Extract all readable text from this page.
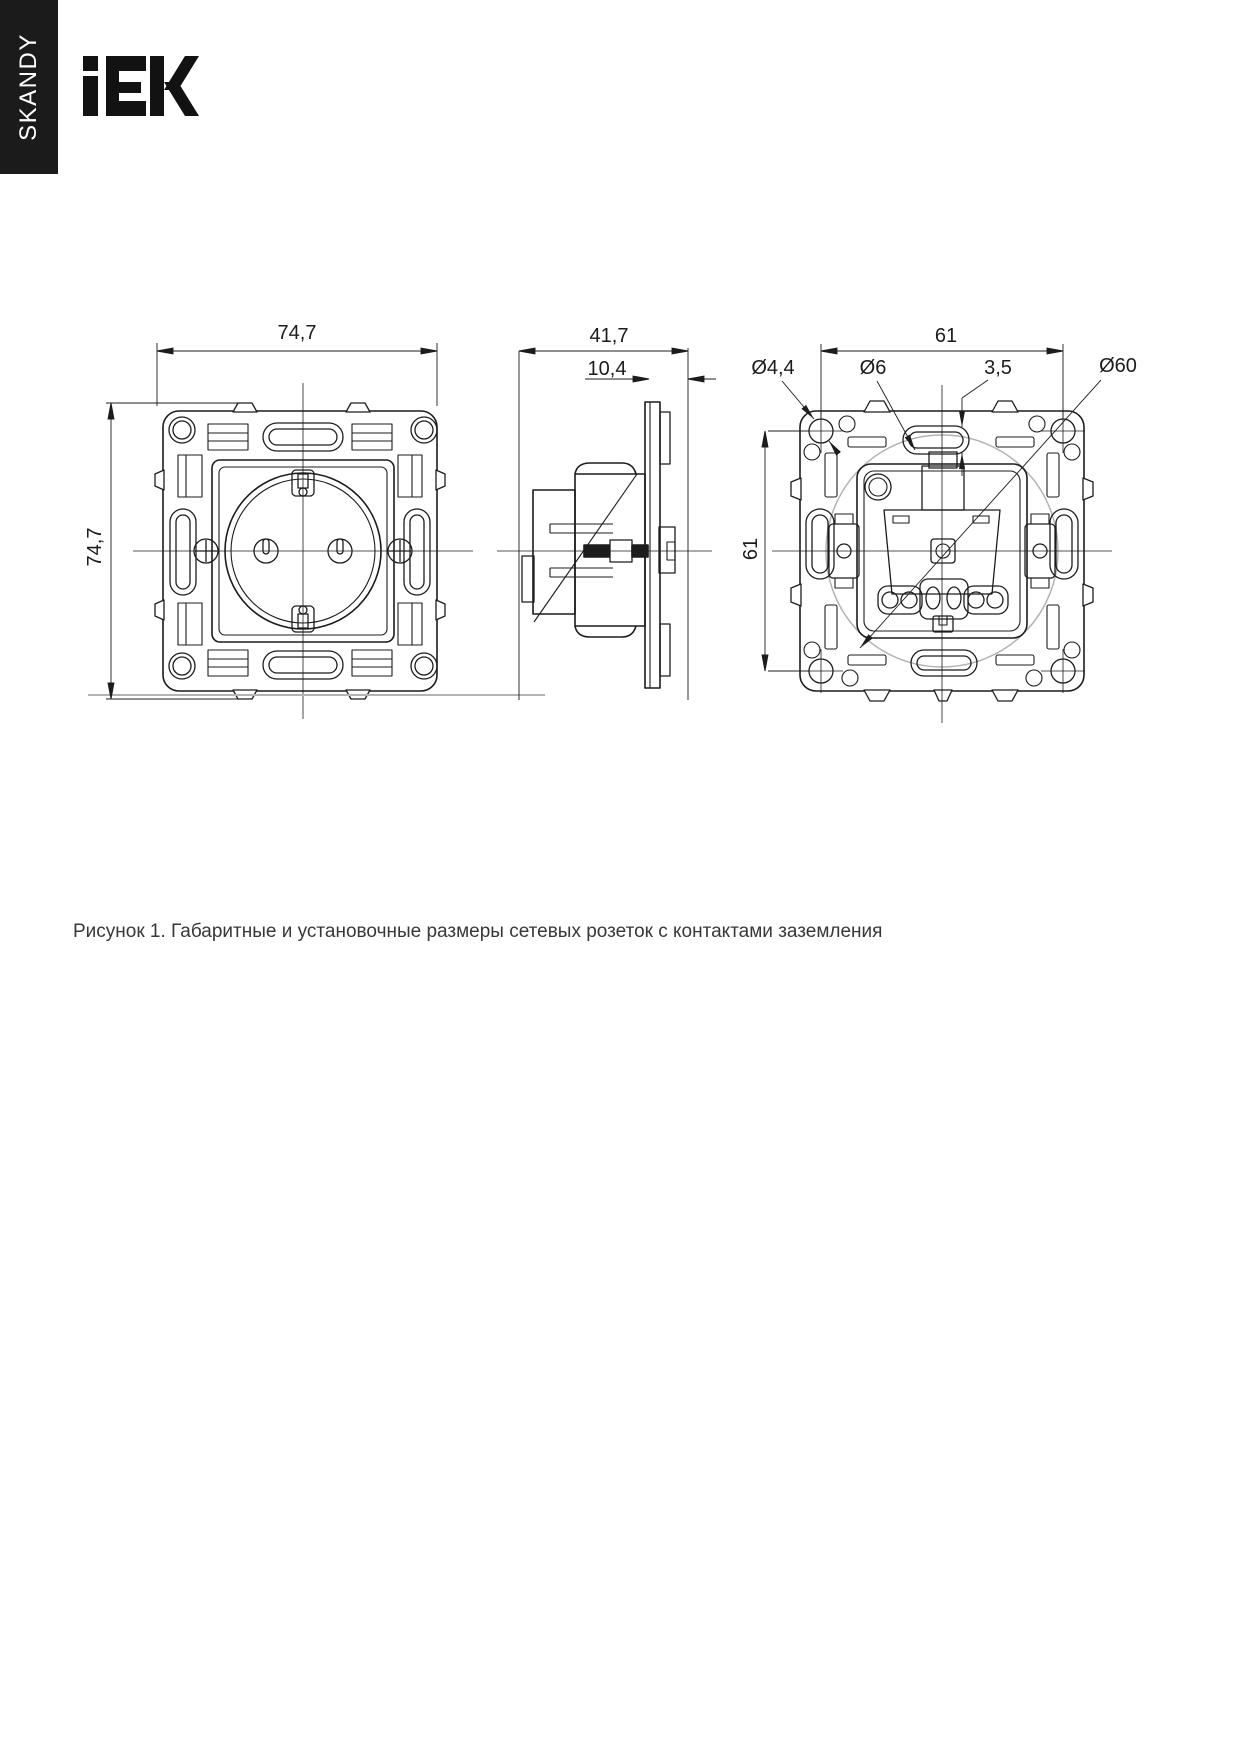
SKANDY
74,7
74,7
41,7
10,4
61
61
Ø4,4	Ø6	3,5	Ø60

Рисунок 1. Габаритные и установочные размеры сетевых розеток с контактами заземления
